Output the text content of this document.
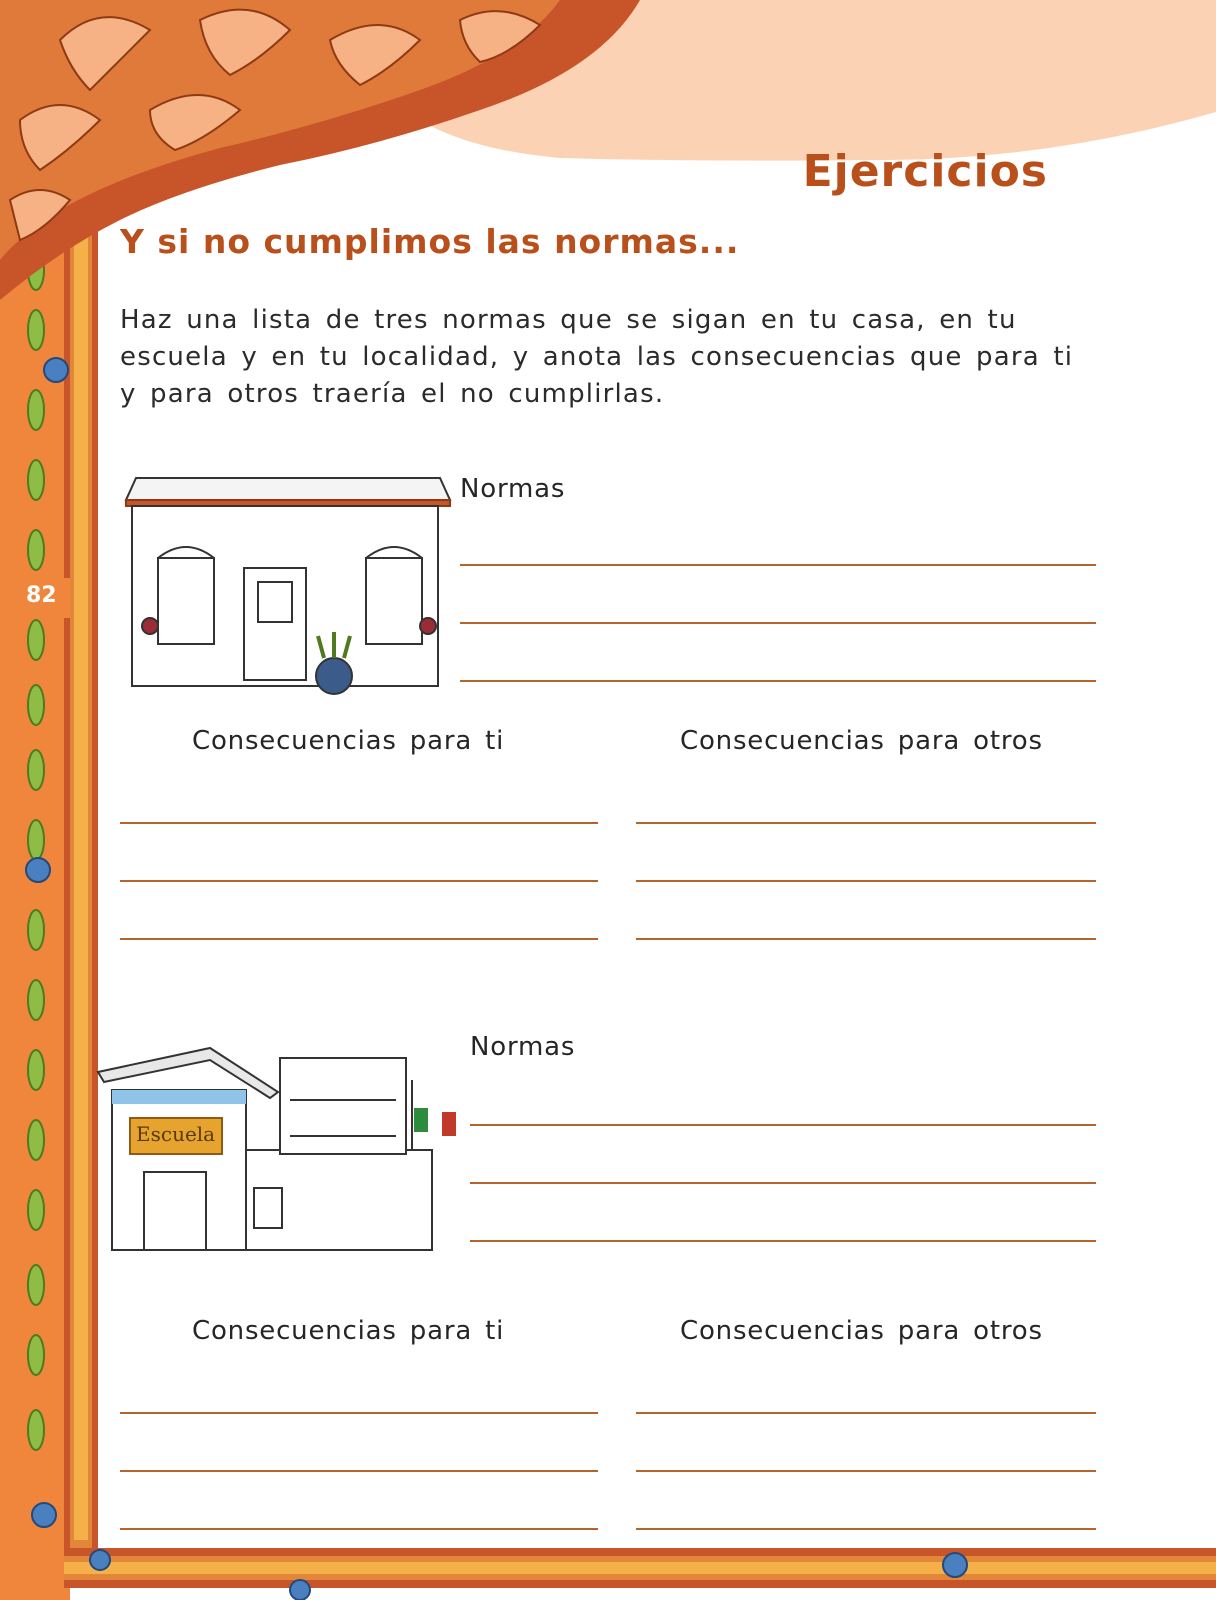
82
Ejercicios
Y si no cumplimos las normas...
Haz una lista de tres normas que se sigan en tu casa, en tu escuela y en tu localidad, y anota las consecuencias que para ti y para otros traería el no cumplirlas.
Escuela
Normas
Consecuencias para ti	Consecuencias para otros
Normas
Consecuencias para ti	Consecuencias para otros
